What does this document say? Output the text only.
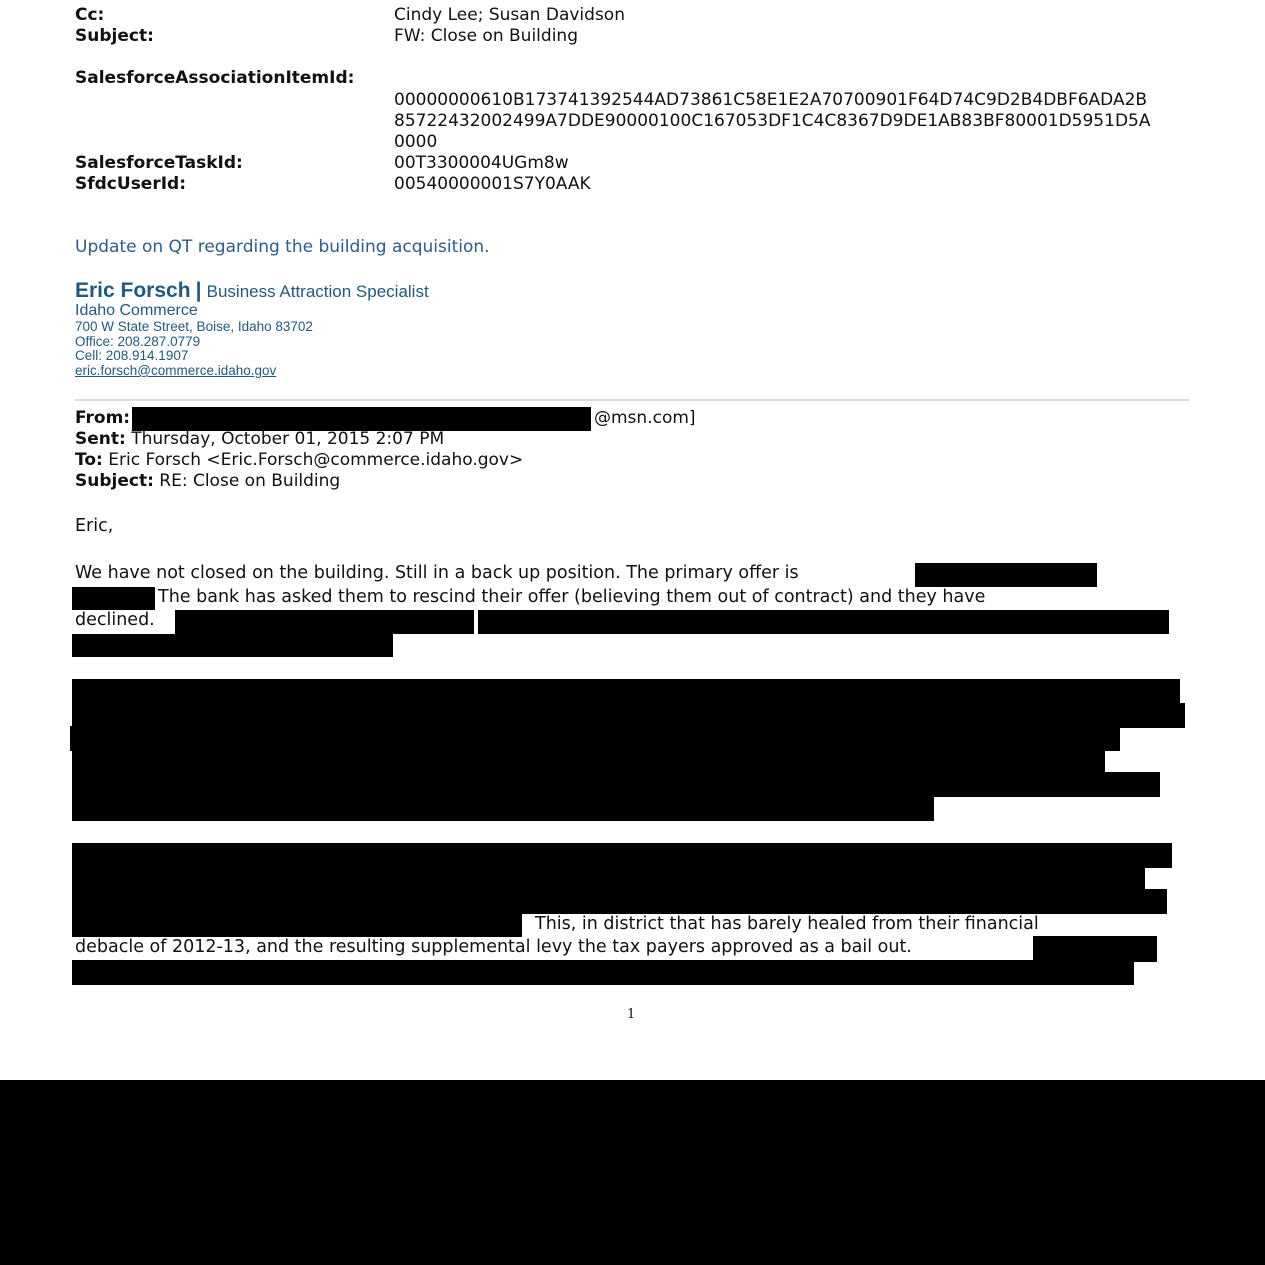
Cc:	Cindy Lee; Susan Davidson
Subject:	FW: Close on Building
SalesforceAssociationItemId:
00000000610B173741392544AD73861C58E1E2A70700901F64D74C9D2B4DBF6ADA2B
85722432002499A7DDE90000100C167053DF1C4C8367D9DE1AB83BF80001D5951D5A
0000
SalesforceTaskId:	00T3300004UGm8w
SfdcUserId:	00540000001S7Y0AAK
Update on QT regarding the building acquisition.
Eric Forsch | Business Attraction Specialist
Idaho Commerce
700 W State Street, Boise, Idaho 83702
Office: 208.287.0779
Cell: 208.914.1907
eric.forsch@commerce.idaho.gov
From:	@msn.com]
Sent: Thursday, October 01, 2015 2:07 PM
To: Eric Forsch <Eric.Forsch@commerce.idaho.gov>
Subject: RE: Close on Building
Eric,
We have not closed on the building. Still in a back up position. The primary offer is
The bank has asked them to rescind their offer (believing them out of contract) and they have
declined.
This, in district that has barely healed from their financial
debacle of 2012-13, and the resulting supplemental levy the tax payers approved as a bail out.
1
